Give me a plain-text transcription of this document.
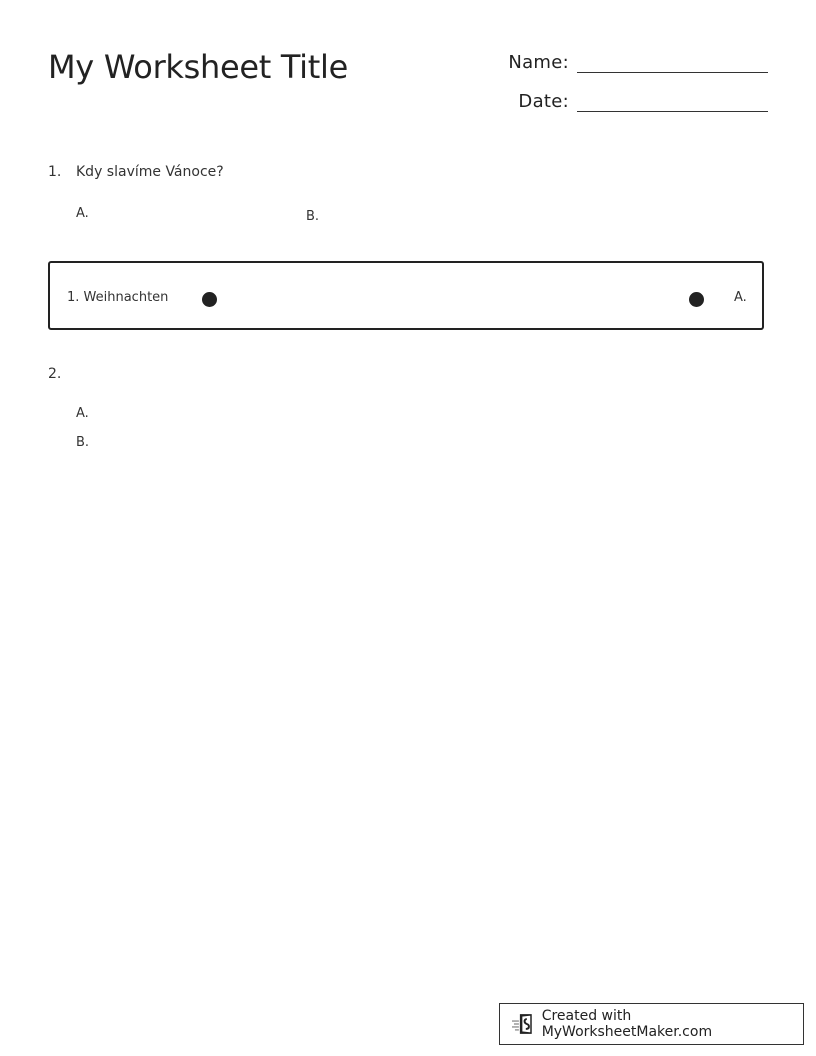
My Worksheet Title	Name:
Date:
1. Kdy slavíme Vánoce?
A.	B.
1. Weihnachten	A.
2.
A.
B.
Created with MyWorksheetMaker.com
